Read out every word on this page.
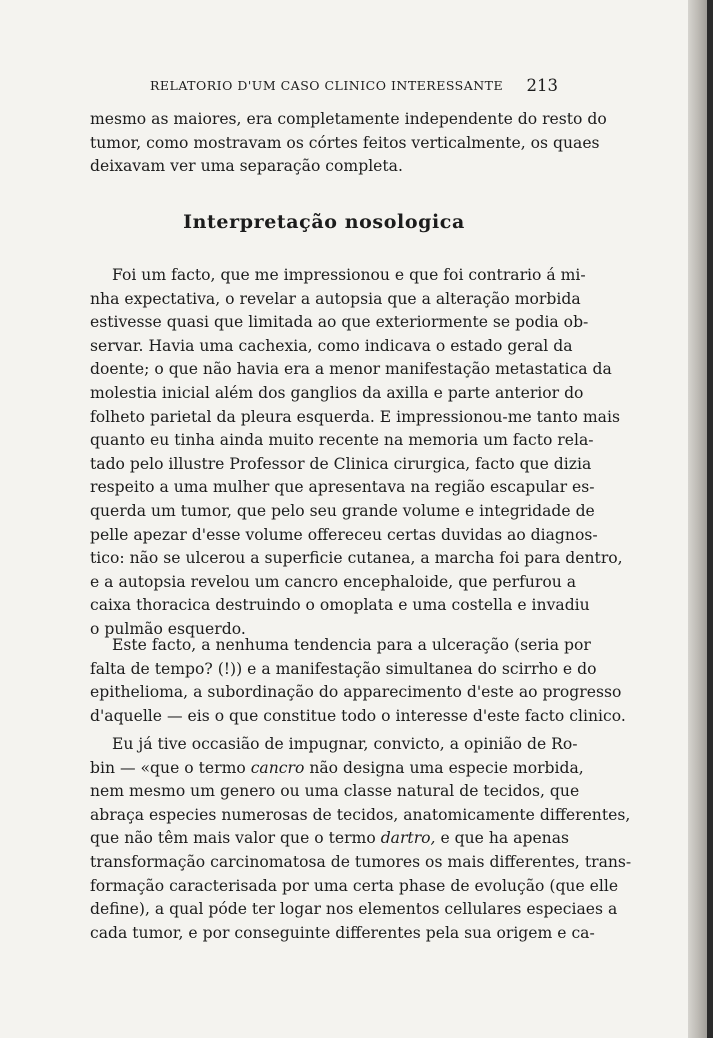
RELATORIO D'UM CASO CLINICO INTERESSANTE 213
mesmo as maiores, era completamente independente do resto do
tumor, como mostravam os córtes feitos verticalmente, os quaes
deixavam ver uma separação completa.
Interpretação nosologica
Foi um facto, que me impressionou e que foi contrario á mi-
nha expectativa, o revelar a autopsia que a alteração morbida
estivesse quasi que limitada ao que exteriormente se podia ob-
servar. Havia uma cachexia, como indicava o estado geral da
doente; o que não havia era a menor manifestação metastatica da
molestia inicial além dos ganglios da axilla e parte anterior do
folheto parietal da pleura esquerda. E impressionou-me tanto mais
quanto eu tinha ainda muito recente na memoria um facto rela-
tado pelo illustre Professor de Clinica cirurgica, facto que dizia
respeito a uma mulher que apresentava na região escapular es-
querda um tumor, que pelo seu grande volume e integridade de
pelle apezar d'esse volume offereceu certas duvidas ao diagnos-
tico: não se ulcerou a superficie cutanea, a marcha foi para dentro,
e a autopsia revelou um cancro encephaloide, que perfurou a
caixa thoracica destruindo o omoplata e uma costella e invadiu
o pulmão esquerdo.
Este facto, a nenhuma tendencia para a ulceração (seria por
falta de tempo? (!)) e a manifestação simultanea do scirrho e do
epithelioma, a subordinação do apparecimento d'este ao progresso
d'aquelle — eis o que constitue todo o interesse d'este facto clinico.
Eu já tive occasião de impugnar, convicto, a opinião de Ro-
bin — «que o termo cancro não designa uma especie morbida,
nem mesmo um genero ou uma classe natural de tecidos, que
abraça especies numerosas de tecidos, anatomicamente differentes,
que não têm mais valor que o termo dartro, e que ha apenas
transformação carcinomatosa de tumores os mais differentes, trans-
formação caracterisada por uma certa phase de evolução (que elle
define), a qual póde ter logar nos elementos cellulares especiaes a
cada tumor, e por conseguinte differentes pela sua origem e ca-
